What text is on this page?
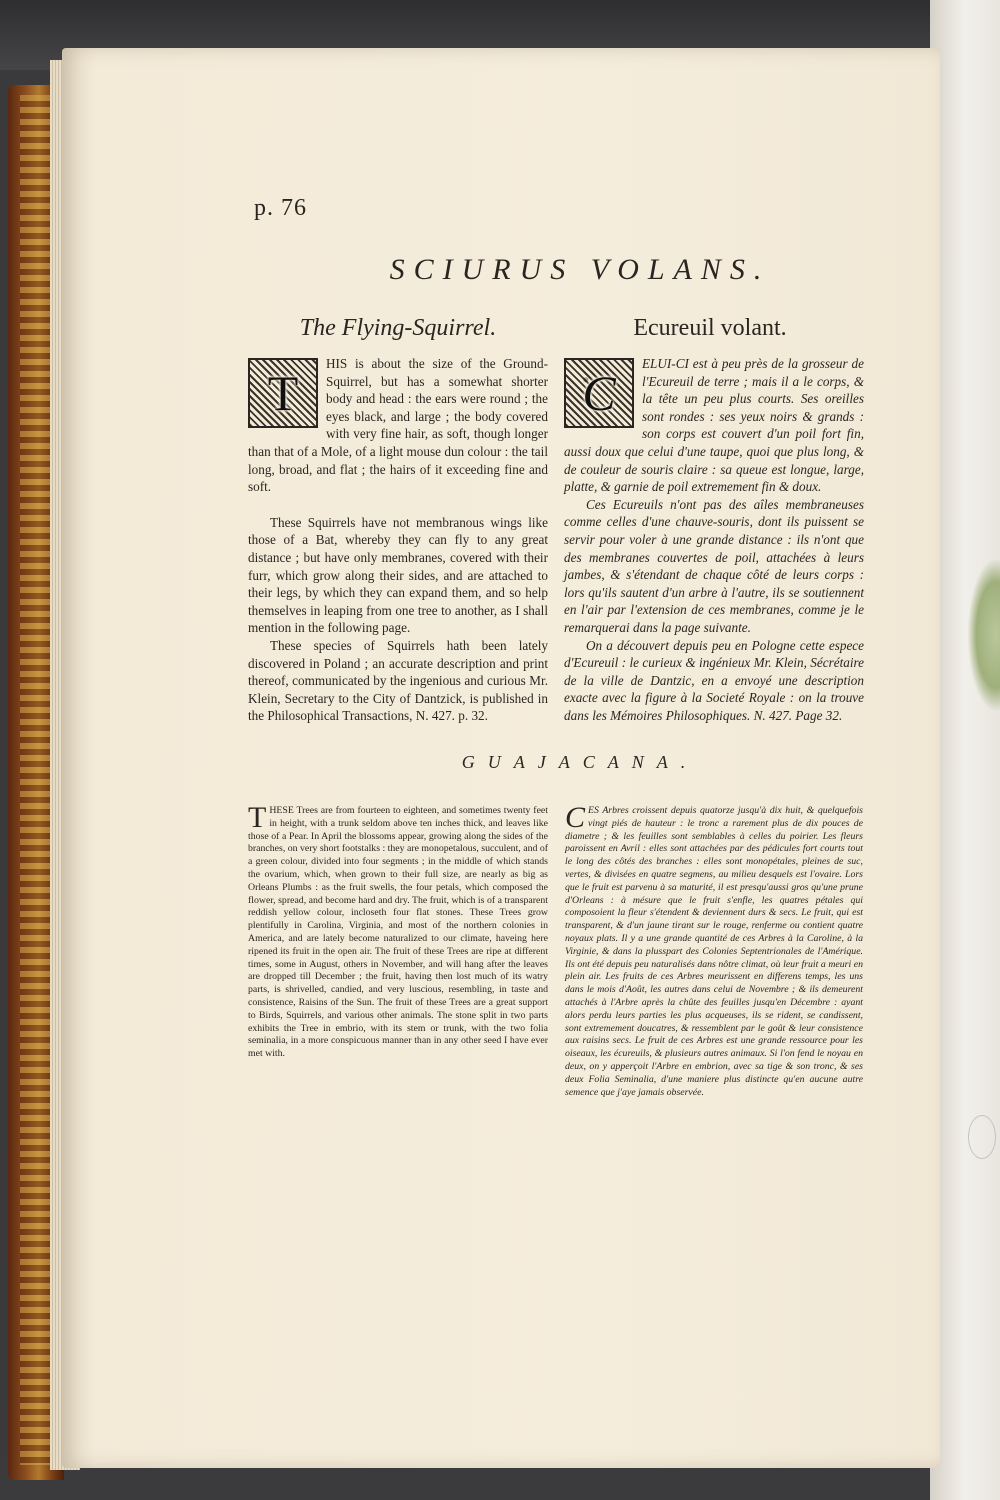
p. 76
SCIURUS VOLANS.
The Flying-Squirrel.	Ecureuil volant.
T

HIS is about the size of the Ground-Squirrel, but has a somewhat shorter body and head : the ears were round ; the eyes black, and large ; the body covered with very fine hair, as soft, though longer than that of a Mole, of a light mouse dun colour : the tail long, broad, and flat ; the hairs of it exceeding fine and soft.

These Squirrels have not membranous wings like those of a Bat, whereby they can fly to any great distance ; but have only membranes, covered with their furr, which grow along their sides, and are attached to their legs, by which they can expand them, and so help themselves in leaping from one tree to another, as I shall mention in the following page.

These species of Squirrels hath been lately discovered in Poland ; an accurate description and print thereof, communicated by the ingenious and curious Mr. Klein, Secretary to the City of Dantzick, is published in the Philosophical Transactions, N. 427. p. 32.

C

ELUI-CI est à peu près de la grosseur de l'Ecureuil de terre ; mais il a le corps, & la tête un peu plus courts. Ses oreilles sont rondes : ses yeux noirs & grands : son corps est couvert d'un poil fort fin, aussi doux que celui d'une taupe, quoi que plus long, & de couleur de souris claire : sa queue est longue, large, platte, & garnie de poil extremement fin & doux.

Ces Ecureuils n'ont pas des aîles membraneuses comme celles d'une chauve-souris, dont ils puissent se servir pour voler à une grande distance : ils n'ont que des membranes couvertes de poil, attachées à leurs jambes, & s'étendant de chaque côté de leurs corps : lors qu'ils sautent d'un arbre à l'autre, ils se soutiennent en l'air par l'extension de ces membranes, comme je le remarquerai dans la page suivante.

On a découvert depuis peu en Pologne cette espece d'Ecureuil : le curieux & ingénieux Mr. Klein, Sécrétaire de la ville de Dantzic, en a envoyé une description exacte avec la figure à la Societé Royale : on la trouve dans les Mémoires Philosophiques. N. 427. Page 32.

GUAJACANA.
T HESE Trees are from fourteen to eighteen, and sometimes twenty feet in height, with a trunk seldom above ten inches thick, and leaves like those of a Pear. In April the blossoms appear, growing along the sides of the branches, on very short footstalks : they are monopetalous, succulent, and of a green colour, divided into four segments ; in the middle of which stands the ovarium, which, when grown to their full size, are nearly as big as Orleans Plumbs : as the fruit swells, the four petals, which composed the flower, spread, and become hard and dry. The fruit, which is of a transparent reddish yellow colour, incloseth four flat stones. These Trees grow plentifully in Carolina, Virginia, and most of the northern colonies in America, and are lately become naturalized to our climate, haveing here ripened its fruit in the open air. The fruit of these Trees are ripe at different times, some in August, others in November, and will hang after the leaves are dropped till December ; the fruit, having then lost much of its watry parts, is shrivelled, candied, and very luscious, resembling, in taste and consistence, Raisins of the Sun. The fruit of these Trees are a great support to Birds, Squirrels, and various other animals. The stone split in two parts exhibits the Tree in embrio, with its stem or trunk, with the two folia seminalia, in a more conspicuous manner than in any other seed I have ever met with.

C ES Arbres croissent depuis quatorze jusqu'à dix huit, & quelquefois vingt piés de hauteur : le tronc a rarement plus de dix pouces de diametre ; & les feuilles sont semblables à celles du poirier. Les fleurs paroissent en Avril : elles sont attachées par des pédicules fort courts tout le long des côtés des branches : elles sont monopétales, pleines de suc, vertes, & divisées en quatre segmens, au milieu desquels est l'ovaire. Lors que le fruit est parvenu à sa maturité, il est presqu'aussi gros qu'une prune d'Orleans : à mésure que le fruit s'enfle, les quatres pétales qui composoient la fleur s'étendent & deviennent durs & secs. Le fruit, qui est transparent, & d'un jaune tirant sur le rouge, renferme ou contient quatre noyaux plats. Il y a une grande quantité de ces Arbres à la Caroline, à la Virginie, & dans la plusspart des Colonies Septentrionales de l'Amérique. Ils ont été depuis peu naturalisés dans nôtre climat, où leur fruit a meuri en plein air. Les fruits de ces Arbres meurissent en differens temps, les uns dans le mois d'Août, les autres dans celui de Novembre ; & ils demeurent attachés à l'Arbre après la chûte des feuilles jusqu'en Décembre : ayant alors perdu leurs parties les plus acqueuses, ils se rident, se candissent, sont extremement doucatres, & ressemblent par le goût & leur consistence aux raisins secs. Le fruit de ces Arbres est une grande ressource pour les oiseaux, les écureuils, & plusieurs autres animaux. Si l'on fend le noyau en deux, on y apperçoit l'Arbre en embrion, avec sa tige & son tronc, & ses deux Folia Seminalia, d'une maniere plus distincte qu'en aucune autre semence que j'aye jamais observée.
